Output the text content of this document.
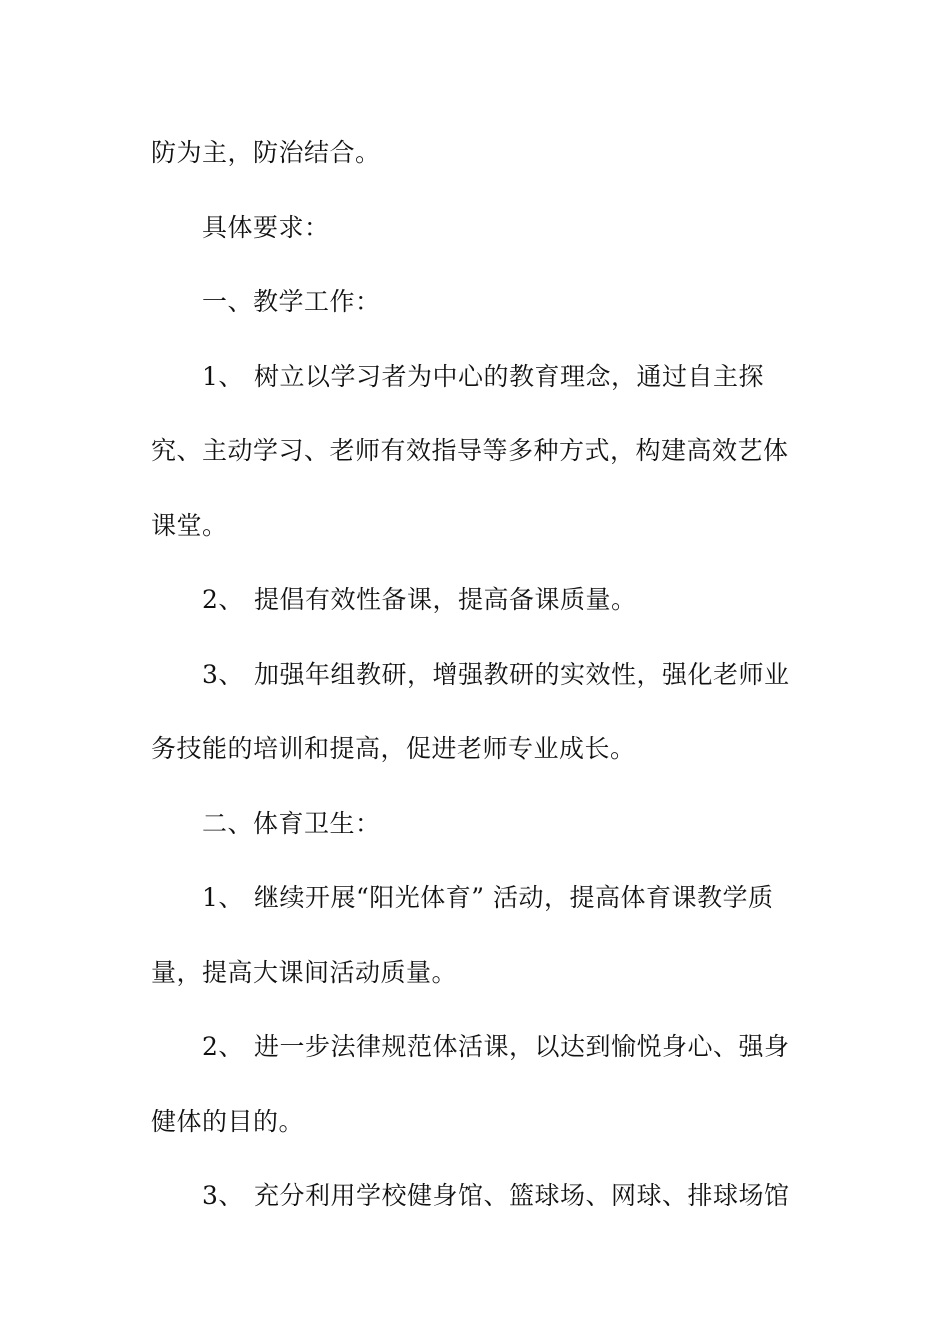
防为主，防治结合。
具体要求：
一、教学工作：
1、 树立以学习者为中心的教育理念，通过自主探
究、主动学习、老师有效指导等多种方式，构建高效艺体
课堂。
2、 提倡有效性备课，提高备课质量。
3、 加强年组教研，增强教研的实效性，强化老师业
务技能的培训和提高，促进老师专业成长。
二、体育卫生：
1、 继续开展“阳光体育” 活动，提高体育课教学质
量，提高大课间活动质量。
2、 进一步法律规范体活课，以达到愉悦身心、强身
健体的目的。
3、 充分利用学校健身馆、篮球场、网球、排球场馆
